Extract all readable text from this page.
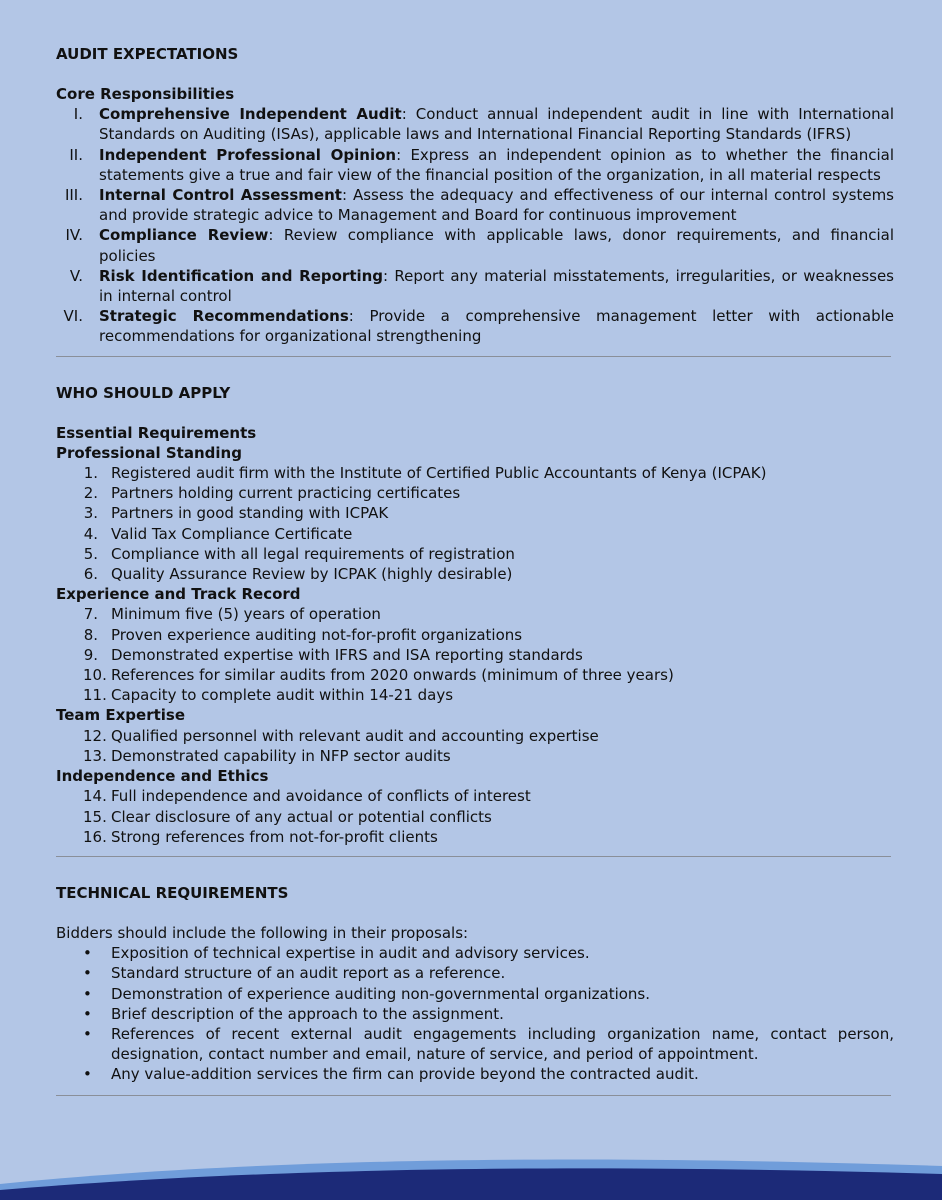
AUDIT EXPECTATIONS
Core Responsibilities
I. Comprehensive Independent Audit: Conduct annual independent audit in line with International Standards on Auditing (ISAs), applicable laws and International Financial Reporting Standards (IFRS)
II. Independent Professional Opinion: Express an independent opinion as to whether the financial statements give a true and fair view of the financial position of the organization, in all material respects
III. Internal Control Assessment: Assess the adequacy and effectiveness of our internal control systems and provide strategic advice to Management and Board for continuous improvement
IV. Compliance Review: Review compliance with applicable laws, donor requirements, and financial policies
V. Risk Identification and Reporting: Report any material misstatements, irregularities, or weaknesses in internal control
VI. Strategic Recommendations: Provide a comprehensive management letter with actionable recommendations for organizational strengthening
WHO SHOULD APPLY
Essential Requirements
Professional Standing
1. Registered audit firm with the Institute of Certified Public Accountants of Kenya (ICPAK)
2. Partners holding current practicing certificates
3. Partners in good standing with ICPAK
4. Valid Tax Compliance Certificate
5. Compliance with all legal requirements of registration
6. Quality Assurance Review by ICPAK (highly desirable)
Experience and Track Record
7. Minimum five (5) years of operation
8. Proven experience auditing not-for-profit organizations
9. Demonstrated expertise with IFRS and ISA reporting standards
10. References for similar audits from 2020 onwards (minimum of three years)
11. Capacity to complete audit within 14-21 days
Team Expertise
12. Qualified personnel with relevant audit and accounting expertise
13. Demonstrated capability in NFP sector audits
Independence and Ethics
14. Full independence and avoidance of conflicts of interest
15. Clear disclosure of any actual or potential conflicts
16. Strong references from not-for-profit clients
TECHNICAL REQUIREMENTS
Bidders should include the following in their proposals:
• Exposition of technical expertise in audit and advisory services.
• Standard structure of an audit report as a reference.
• Demonstration of experience auditing non-governmental organizations.
• Brief description of the approach to the assignment.
• References of recent external audit engagements including organization name, contact person, designation, contact number and email, nature of service, and period of appointment.
• Any value-addition services the firm can provide beyond the contracted audit.
